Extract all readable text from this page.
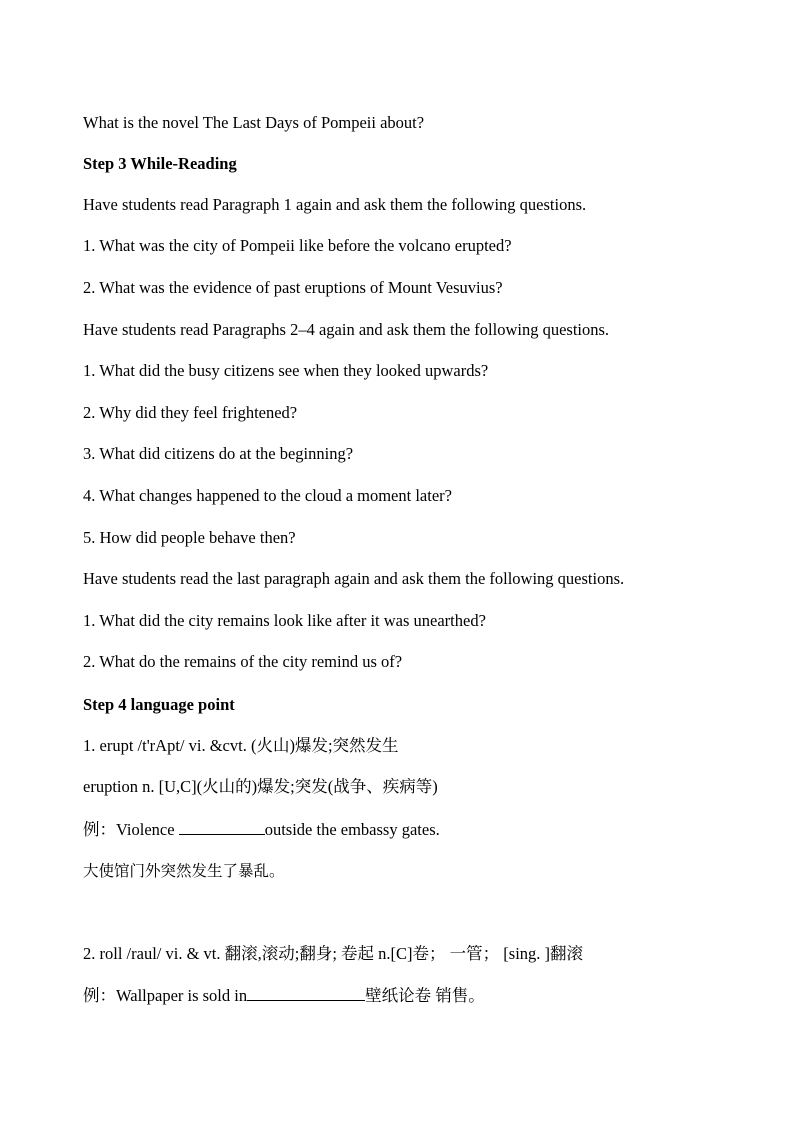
What is the novel The Last Days of Pompeii about?
Step 3 While-Reading
Have students read Paragraph 1 again and ask them the following questions.
1. What was the city of Pompeii like before the volcano erupted?
2. What was the evidence of past eruptions of Mount Vesuvius?
Have students read Paragraphs 2–4 again and ask them the following questions.
1. What did the busy citizens see when they looked upwards?
2. Why did they feel frightened?
3. What did citizens do at the beginning?
4. What changes happened to the cloud a moment later?
5. How did people behave then?
Have students read the last paragraph again and ask them the following questions.
1. What did the city remains look like after it was unearthed?
2. What do the remains of the city remind us of?
Step 4 language point
1. erupt /t'rApt/ vi. &cvt. (火山)爆发;突然发生
eruption n. [U,C](火山的)爆发;突发(战争、疾病等)
例：Violence	outside the embassy gates.
大使馆门外突然发生了暴乱。
2. roll /raul/ vi. & vt. 翻滚,滚动;翻身; 卷起 n.[C]卷； 一管； [sing. ]翻滚
例：Wallpaper is sold in	壁纸论卷 销售。
